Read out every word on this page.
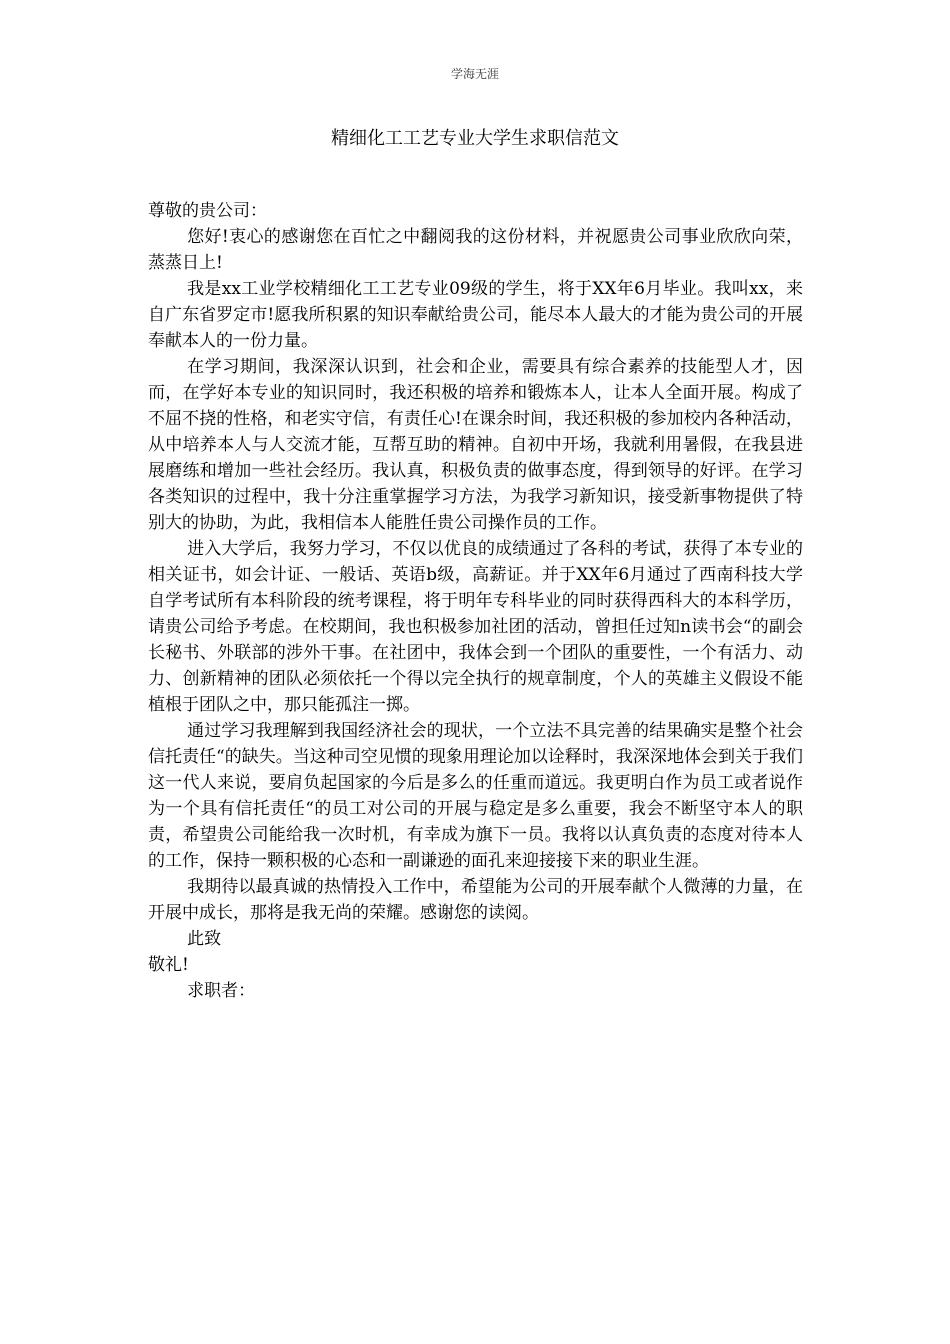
学海无涯
精细化工工艺专业大学生求职信范文

尊敬的贵公司：

您好!衷心的感谢您在百忙之中翻阅我的这份材料，并祝愿贵公司事业欣欣向荣，蒸蒸日上!

我是xx工业学校精细化工工艺专业09级的学生，将于XX年6月毕业。我叫xx，来自广东省罗定市!愿我所积累的知识奉献给贵公司，能尽本人最大的才能为贵公司的开展奉献本人的一份力量。

在学习期间，我深深认识到，社会和企业，需要具有综合素养的技能型人才，因而，在学好本专业的知识同时，我还积极的培养和锻炼本人，让本人全面开展。构成了不屈不挠的性格，和老实守信，有责任心!在课余时间，我还积极的参加校内各种活动，从中培养本人与人交流才能，互帮互助的精神。自初中开场，我就利用暑假，在我县进展磨练和增加一些社会经历。我认真，积极负责的做事态度，得到领导的好评。在学习各类知识的过程中，我十分注重掌握学习方法，为我学习新知识，接受新事物提供了特别大的协助，为此，我相信本人能胜任贵公司操作员的工作。

进入大学后，我努力学习，不仅以优良的成绩通过了各科的考试，获得了本专业的相关证书，如会计证、一般话、英语b级，高薪证。并于XX年6月通过了西南科技大学自学考试所有本科阶段的统考课程，将于明年专科毕业的同时获得西科大的本科学历，请贵公司给予考虑。在校期间，我也积极参加社团的活动，曾担任过知n读书会“的副会长秘书、外联部的涉外干事。在社团中，我体会到一个团队的重要性，一个有活力、动力、创新精神的团队必须依托一个得以完全执行的规章制度，个人的英雄主义假设不能植根于团队之中，那只能孤注一掷。

通过学习我理解到我国经济社会的现状，一个立法不具完善的结果确实是整个社会信托责任“的缺失。当这种司空见惯的现象用理论加以诠释时，我深深地体会到关于我们这一代人来说，要肩负起国家的今后是多么的任重而道远。我更明白作为员工或者说作为一个具有信托责任“的员工对公司的开展与稳定是多么重要，我会不断坚守本人的职责，希望贵公司能给我一次时机，有幸成为旗下一员。我将以认真负责的态度对待本人的工作，保持一颗积极的心态和一副谦逊的面孔来迎接接下来的职业生涯。

我期待以最真诚的热情投入工作中，希望能为公司的开展奉献个人微薄的力量，在开展中成长，那将是我无尚的荣耀。感谢您的读阅。

此致

敬礼!

求职者：
